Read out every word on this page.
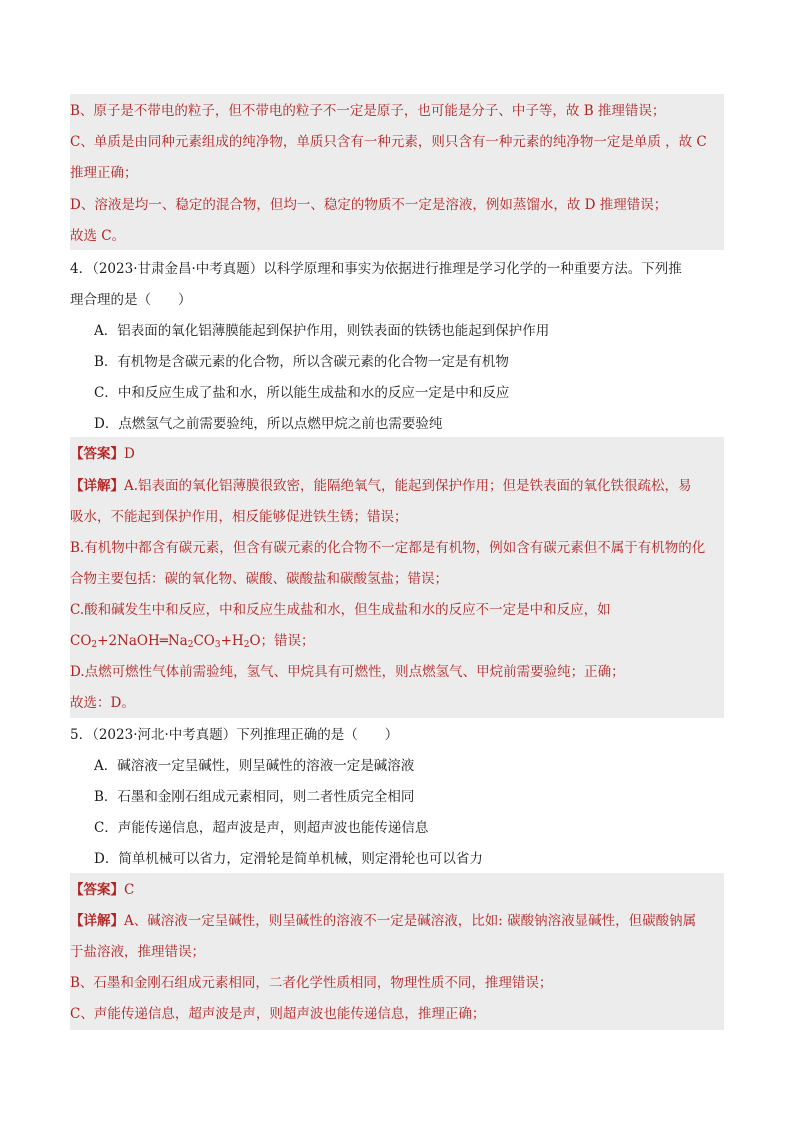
B、原子是不带电的粒子，但不带电的粒子不一定是原子，也可能是分子、中子等，故 B 推理错误；
C、单质是由同种元素组成的纯净物，单质只含有一种元素，则只含有一种元素的纯净物一定是单质 ，故 C
推理正确；
D、溶液是均一、稳定的混合物，但均一、稳定的物质不一定是溶液，例如蒸馏水，故 D 推理错误；
故选 C。
4．（2023·甘肃金昌·中考真题）以科学原理和事实为依据进行推理是学习化学的一种重要方法。下列推
理合理的是（　　）
A．铝表面的氧化铝薄膜能起到保护作用，则铁表面的铁锈也能起到保护作用
B．有机物是含碳元素的化合物，所以含碳元素的化合物一定是有机物
C．中和反应生成了盐和水，所以能生成盐和水的反应一定是中和反应
D．点燃氢气之前需要验纯，所以点燃甲烷之前也需要验纯
【答案】D
【详解】A.铝表面的氧化铝薄膜很致密，能隔绝氧气，能起到保护作用；但是铁表面的氧化铁很疏松，易
吸水，不能起到保护作用，相反能够促进铁生锈；错误；
B.有机物中都含有碳元素，但含有碳元素的化合物不一定都是有机物，例如含有碳元素但不属于有机物的化
合物主要包括：碳的氧化物、碳酸、碳酸盐和碳酸氢盐；错误；
C.酸和碱发生中和反应，中和反应生成盐和水，但生成盐和水的反应不一定是中和反应，如
$CO_2+2NaOH═Na_2CO_3+H_2O$；错误；
D.点燃可燃性气体前需验纯，氢气、甲烷具有可燃性，则点燃氢气、甲烷前需要验纯；正确；
故选：D。
5．（2023·河北·中考真题）下列推理正确的是（　　）
A．碱溶液一定呈碱性，则呈碱性的溶液一定是碱溶液
B．石墨和金刚石组成元素相同，则二者性质完全相同
C．声能传递信息，超声波是声，则超声波也能传递信息
D．简单机械可以省力，定滑轮是简单机械，则定滑轮也可以省力
【答案】C
【详解】A、碱溶液一定呈碱性，则呈碱性的溶液不一定是碱溶液，比如: 碳酸钠溶液显碱性，但碳酸钠属
于盐溶液，推理错误；
B、石墨和金刚石组成元素相同，二者化学性质相同，物理性质不同，推理错误；
C、声能传递信息，超声波是声，则超声波也能传递信息，推理正确；
